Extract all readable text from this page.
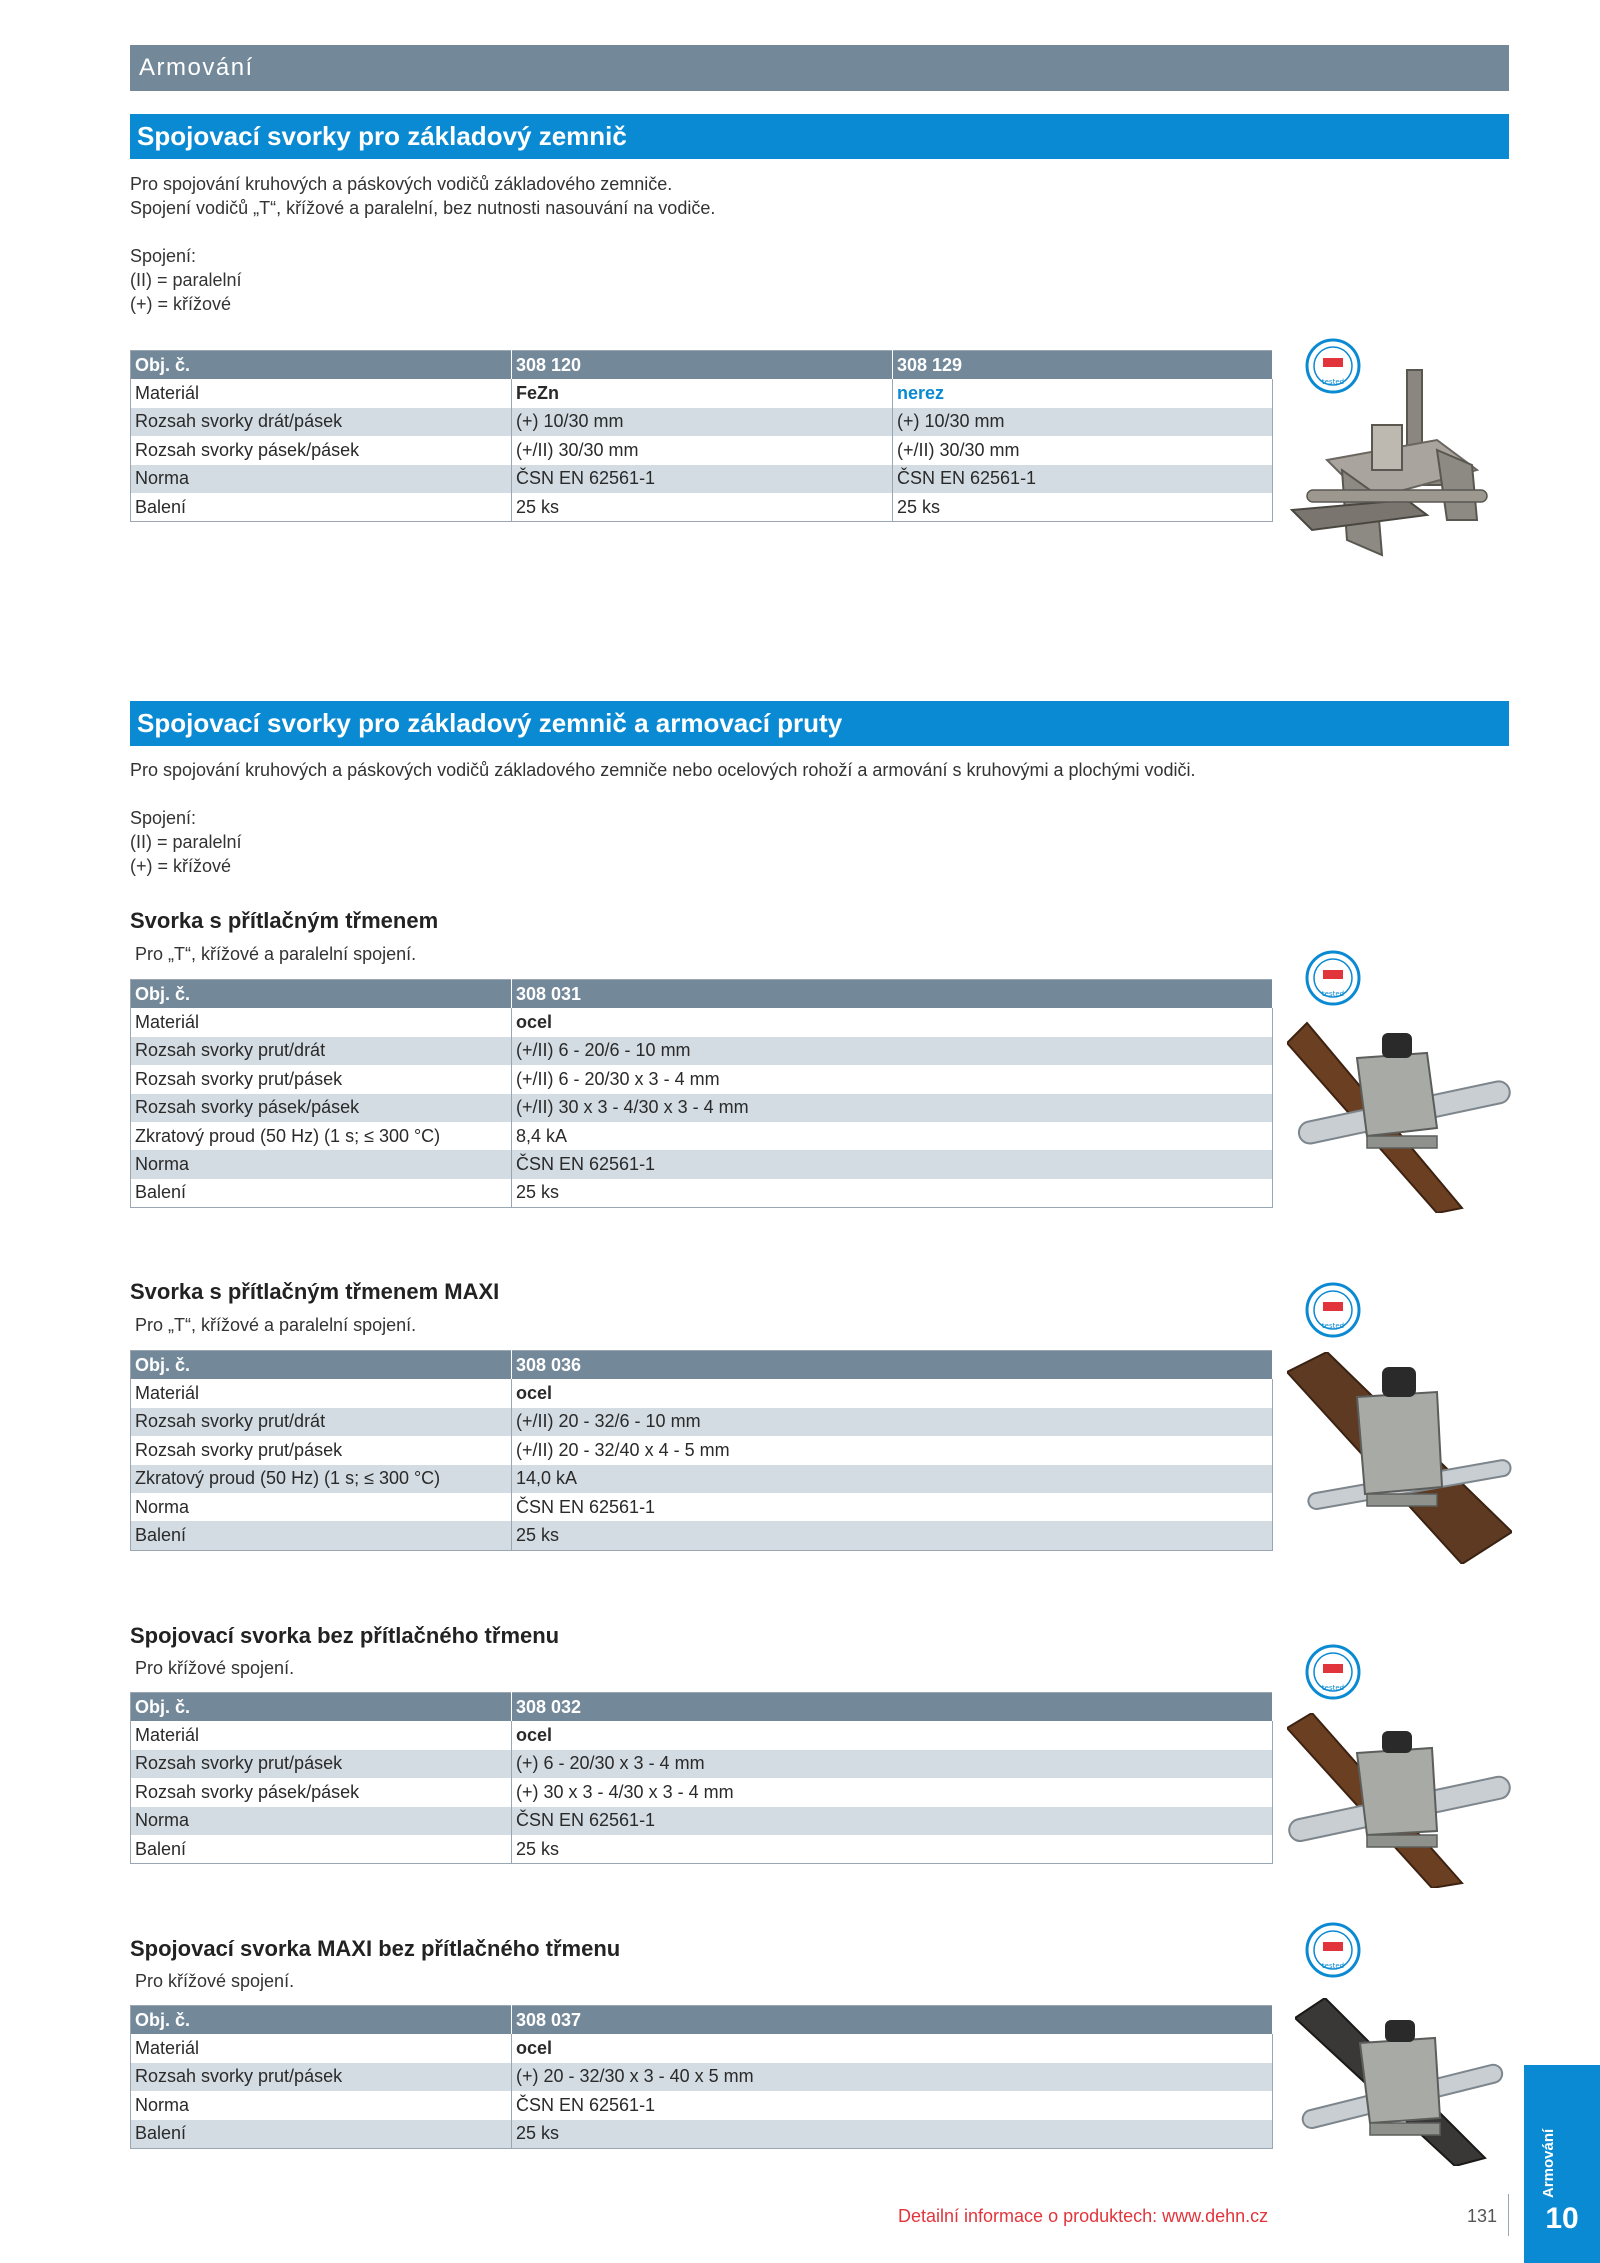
Armování
Spojovací svorky pro základový zemnič
Pro spojování kruhových a páskových vodičů základového zemniče.
Spojení vodičů „T“, křížové a paralelní, bez nutnosti nasouvání na vodiče.
Spojení:
(II) = paralelní
(+) = křížové
Obj. č.	308 120	308 129
Materiál	FeZn	nerez
Rozsah svorky drát/pásek	(+) 10/30 mm	(+) 10/30 mm
Rozsah svorky pásek/pásek	(+/II) 30/30 mm	(+/II) 30/30 mm
Norma	ČSN EN 62561-1	ČSN EN 62561-1
Balení	25 ks	25 ks
tested
Spojovací svorky pro základový zemnič a armovací pruty
Pro spojování kruhových a páskových vodičů základového zemniče nebo ocelových rohoží a armování s kruhovými a plochými vodiči.
Spojení:
(II) = paralelní
(+) = křížové
Svorka s přítlačným třmenem
Pro „T“, křížové a paralelní spojení.
Obj. č.	308 031
Materiál	ocel
Rozsah svorky prut/drát	(+/II) 6 - 20/6 - 10 mm
Rozsah svorky prut/pásek	(+/II) 6 - 20/30 x 3 - 4 mm
Rozsah svorky pásek/pásek	(+/II) 30 x 3 - 4/30 x 3 - 4 mm
Zkratový proud (50 Hz) (1 s; ≤ 300 °C)	8,4 kA
Norma	ČSN EN 62561-1
Balení	25 ks
tested
Svorka s přítlačným třmenem MAXI
Pro „T“, křížové a paralelní spojení.
Obj. č.	308 036
Materiál	ocel
Rozsah svorky prut/drát	(+/II) 20 - 32/6 - 10 mm
Rozsah svorky prut/pásek	(+/II) 20 - 32/40 x 4 - 5 mm
Zkratový proud (50 Hz) (1 s; ≤ 300 °C)	14,0 kA
Norma	ČSN EN 62561-1
Balení	25 ks
tested
Spojovací svorka bez přítlačného třmenu
Pro křížové spojení.
Obj. č.	308 032
Materiál	ocel
Rozsah svorky prut/pásek	(+) 6 - 20/30 x 3 - 4 mm
Rozsah svorky pásek/pásek	(+) 30 x 3 - 4/30 x 3 - 4 mm
Norma	ČSN EN 62561-1
Balení	25 ks
tested
Spojovací svorka MAXI bez přítlačného třmenu
Pro křížové spojení.
Obj. č.	308 037
Materiál	ocel
Rozsah svorky prut/pásek	(+) 20 - 32/30 x 3 - 40 x 5 mm
Norma	ČSN EN 62561-1
Balení	25 ks
tested
Detailní informace o produktech: www.dehn.cz	131
Armování
10
